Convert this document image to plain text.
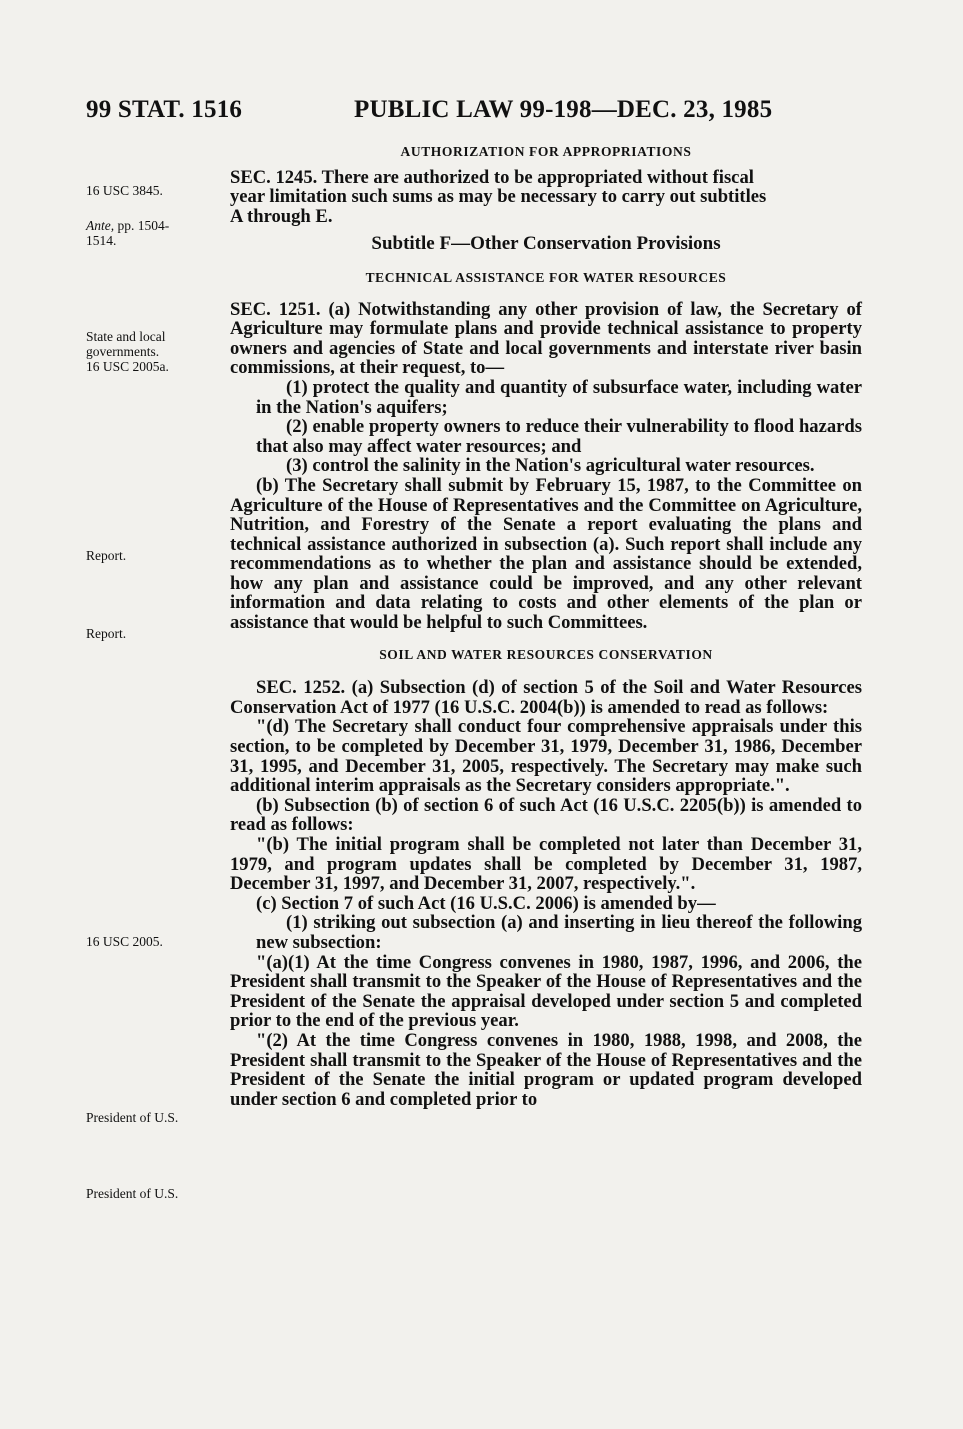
99 STAT. 1516	PUBLIC LAW 99-198—DEC. 23, 1985
16 USC 3845.
Ante, pp. 1504-
1514.
State and local
governments.
16 USC 2005a.
Report.
Report.
16 USC 2005.
President of U.S.
President of U.S.
AUTHORIZATION FOR APPROPRIATIONS

SEC. 1245. There are authorized to be appropriated without fiscal
year limitation such sums as may be necessary to carry out subtitles
A through E.

Subtitle F—Other Conservation Provisions
TECHNICAL ASSISTANCE FOR WATER RESOURCES

SEC. 1251. (a) Notwithstanding any other provision of law, the Secretary of Agriculture may formulate plans and provide technical assistance to property owners and agencies of State and local governments and interstate river basin commissions, at their request, to—

(1) protect the quality and quantity of subsurface water, including water in the Nation's aquifers;

(2) enable property owners to reduce their vulnerability to flood hazards that also may affect water resources; and

(3) control the salinity in the Nation's agricultural water resources.

(b) The Secretary shall submit by February 15, 1987, to the Committee on Agriculture of the House of Representatives and the Committee on Agriculture, Nutrition, and Forestry of the Senate a report evaluating the plans and technical assistance authorized in subsection (a). Such report shall include any recommendations as to whether the plan and assistance should be extended, how any plan and assistance could be improved, and any other relevant information and data relating to costs and other elements of the plan or assistance that would be helpful to such Committees.

SOIL AND WATER RESOURCES CONSERVATION

SEC. 1252. (a) Subsection (d) of section 5 of the Soil and Water Resources Conservation Act of 1977 (16 U.S.C. 2004(b)) is amended to read as follows:

"(d) The Secretary shall conduct four comprehensive appraisals under this section, to be completed by December 31, 1979, December 31, 1986, December 31, 1995, and December 31, 2005, respectively. The Secretary may make such additional interim appraisals as the Secretary considers appropriate.".

(b) Subsection (b) of section 6 of such Act (16 U.S.C. 2205(b)) is amended to read as follows:

"(b) The initial program shall be completed not later than December 31, 1979, and program updates shall be completed by December 31, 1987, December 31, 1997, and December 31, 2007, respectively.".

(c) Section 7 of such Act (16 U.S.C. 2006) is amended by—

(1) striking out subsection (a) and inserting in lieu thereof the following new subsection:

"(a)(1) At the time Congress convenes in 1980, 1987, 1996, and 2006, the President shall transmit to the Speaker of the House of Representatives and the President of the Senate the appraisal developed under section 5 and completed prior to the end of the previous year.

"(2) At the time Congress convenes in 1980, 1988, 1998, and 2008, the President shall transmit to the Speaker of the House of Representatives and the President of the Senate the initial program or updated program developed under section 6 and completed prior to
